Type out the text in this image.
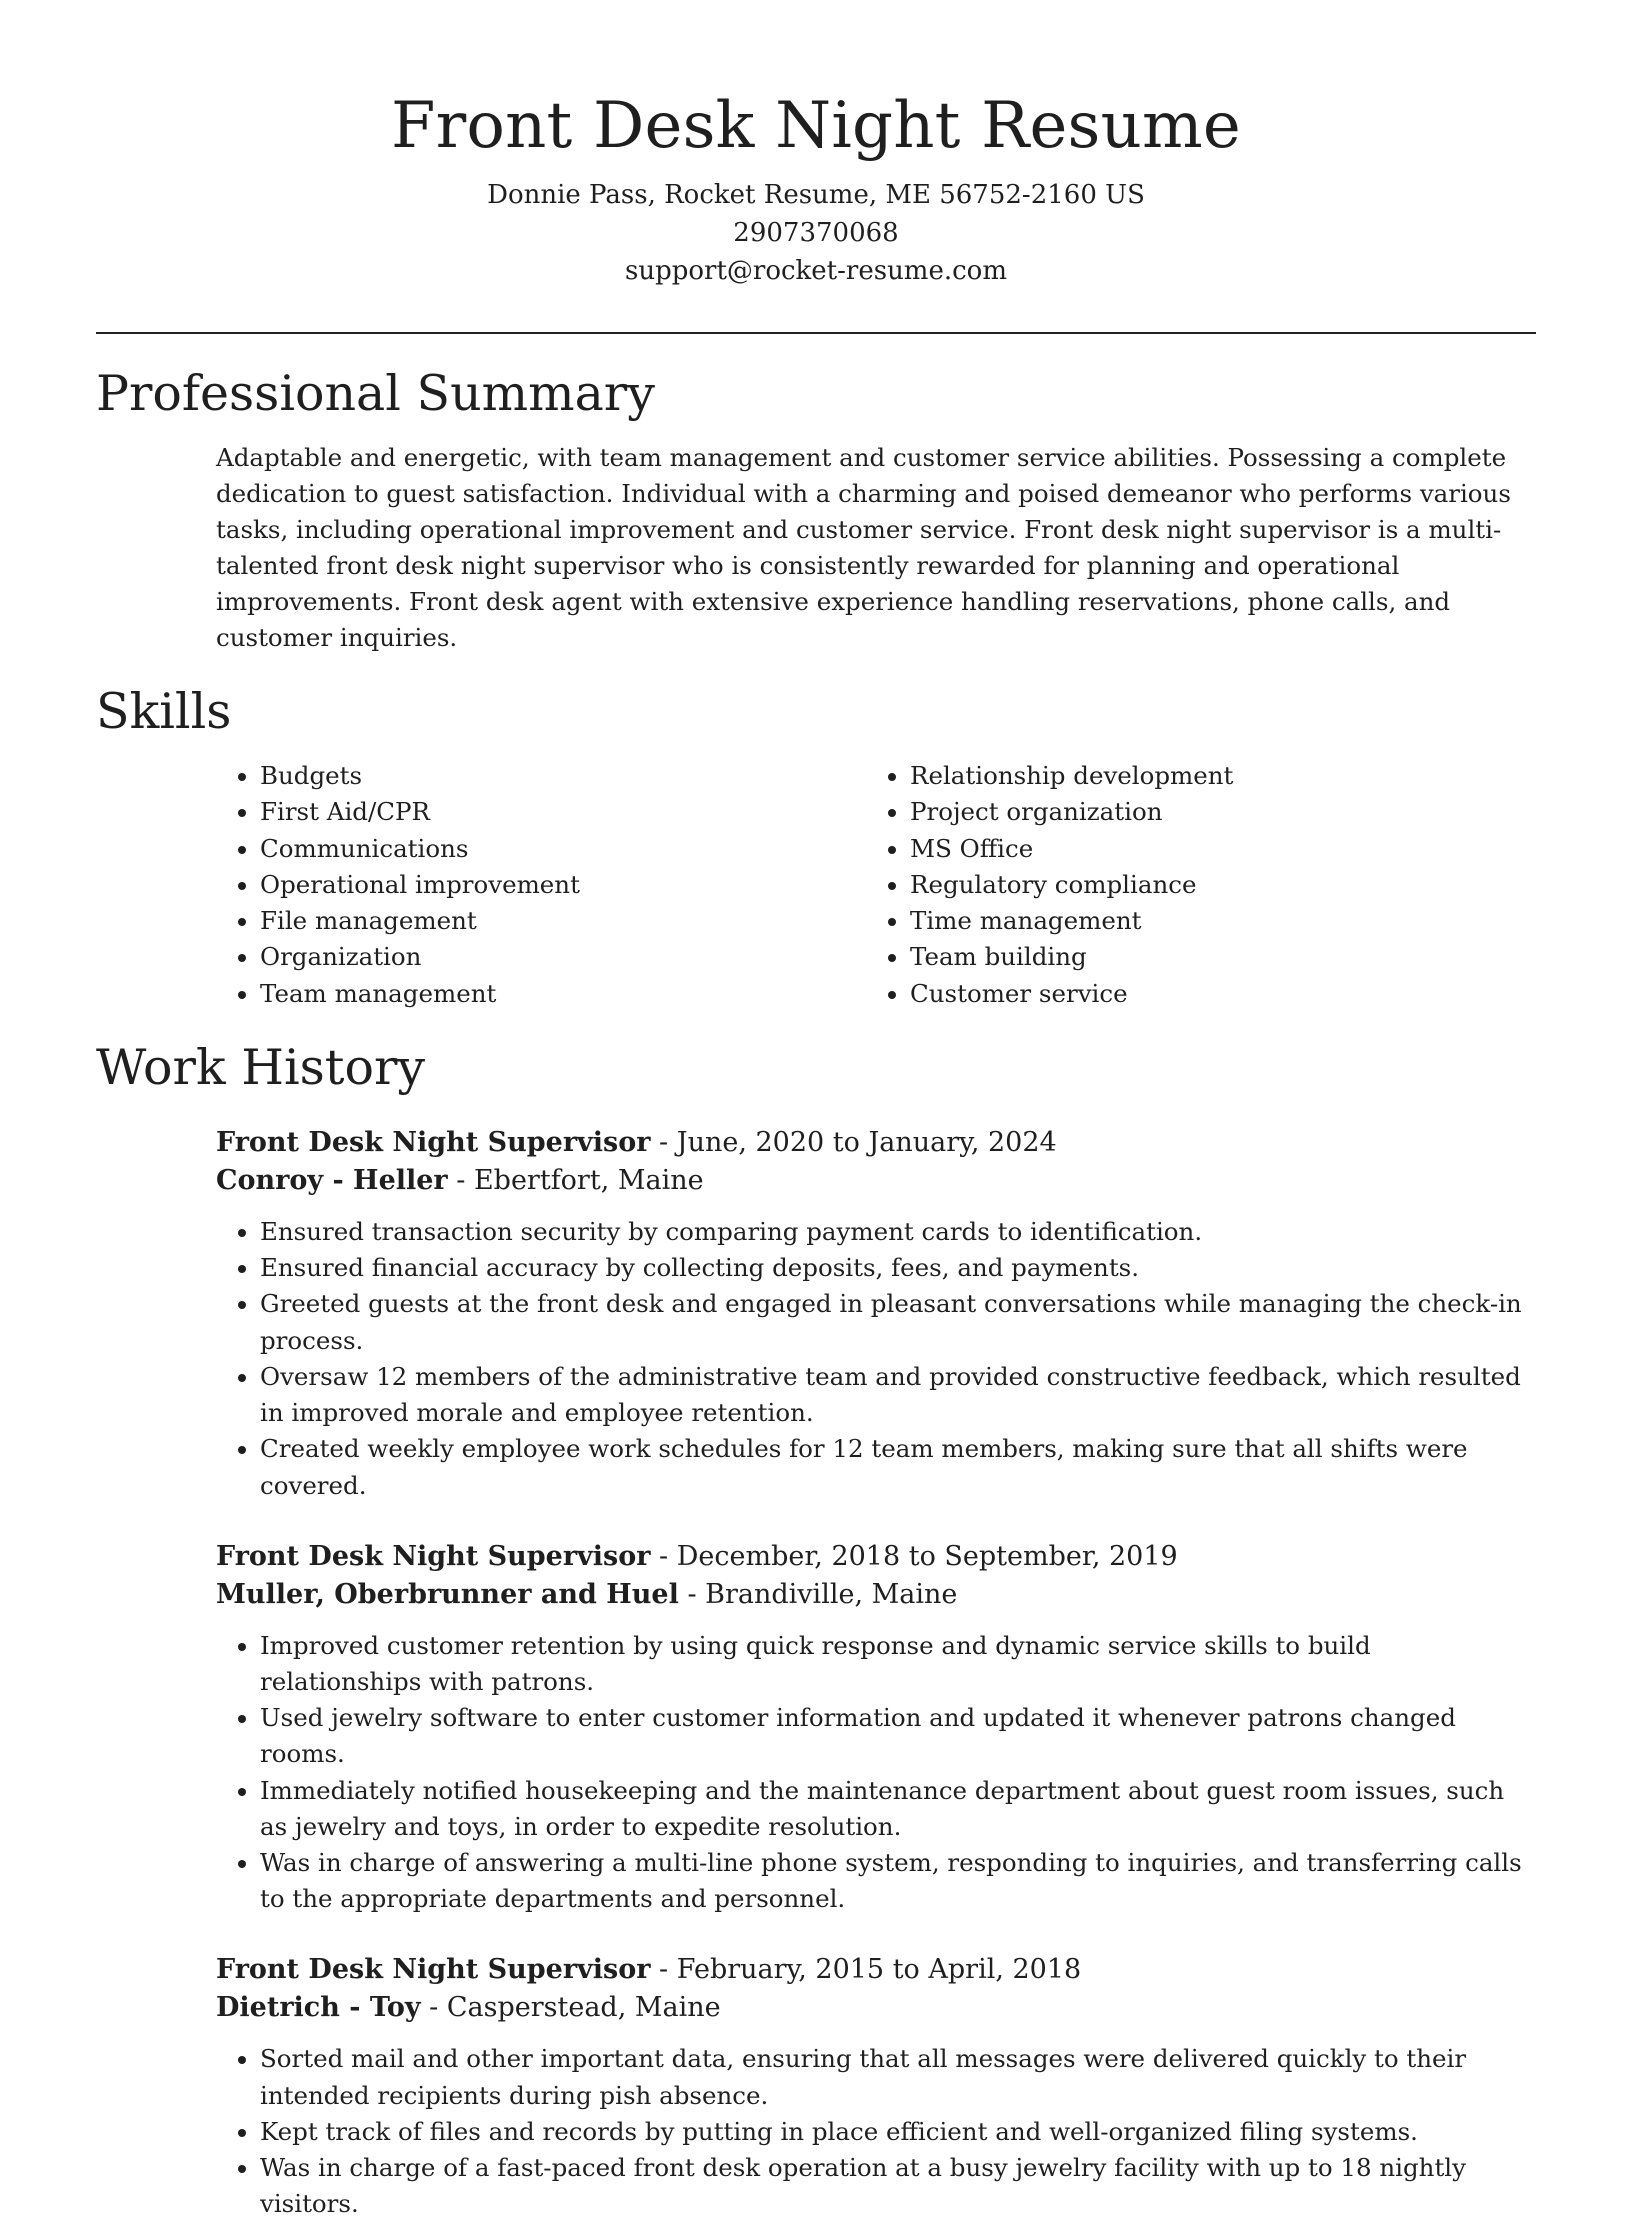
Front Desk Night Resume
Donnie Pass, Rocket Resume, ME 56752-2160 US
2907370068
support@rocket-resume.com
Professional Summary

Adaptable and energetic, with team management and customer service abilities. Possessing a complete dedication to guest satisfaction. Individual with a charming and poised demeanor who performs various tasks, including operational improvement and customer service. Front desk night supervisor is a multi-talented front desk night supervisor who is consistently rewarded for planning and operational improvements. Front desk agent with extensive experience handling reservations, phone calls, and customer inquiries.

Skills
• Budgets
• First Aid/CPR
• Communications
• Operational improvement
• File management
• Organization
• Team management
• Relationship development
• Project organization
• MS Office
• Regulatory compliance
• Time management
• Team building
• Customer service
Work History
Front Desk Night Supervisor - June, 2020 to January, 2024
Conroy - Heller - Ebertfort, Maine
• Ensured transaction security by comparing payment cards to identification.
• Ensured financial accuracy by collecting deposits, fees, and payments.
• Greeted guests at the front desk and engaged in pleasant conversations while managing the check-in process.
• Oversaw 12 members of the administrative team and provided constructive feedback, which resulted in improved morale and employee retention.
• Created weekly employee work schedules for 12 team members, making sure that all shifts were covered.
Front Desk Night Supervisor - December, 2018 to September, 2019
Muller, Oberbrunner and Huel - Brandiville, Maine
• Improved customer retention by using quick response and dynamic service skills to build relationships with patrons.
• Used jewelry software to enter customer information and updated it whenever patrons changed rooms.
• Immediately notified housekeeping and the maintenance department about guest room issues, such as jewelry and toys, in order to expedite resolution.
• Was in charge of answering a multi-line phone system, responding to inquiries, and transferring calls to the appropriate departments and personnel.
Front Desk Night Supervisor - February, 2015 to April, 2018
Dietrich - Toy - Casperstead, Maine
• Sorted mail and other important data, ensuring that all messages were delivered quickly to their intended recipients during pish absence.
• Kept track of files and records by putting in place efficient and well-organized filing systems.
• Was in charge of a fast-paced front desk operation at a busy jewelry facility with up to 18 nightly visitors.
